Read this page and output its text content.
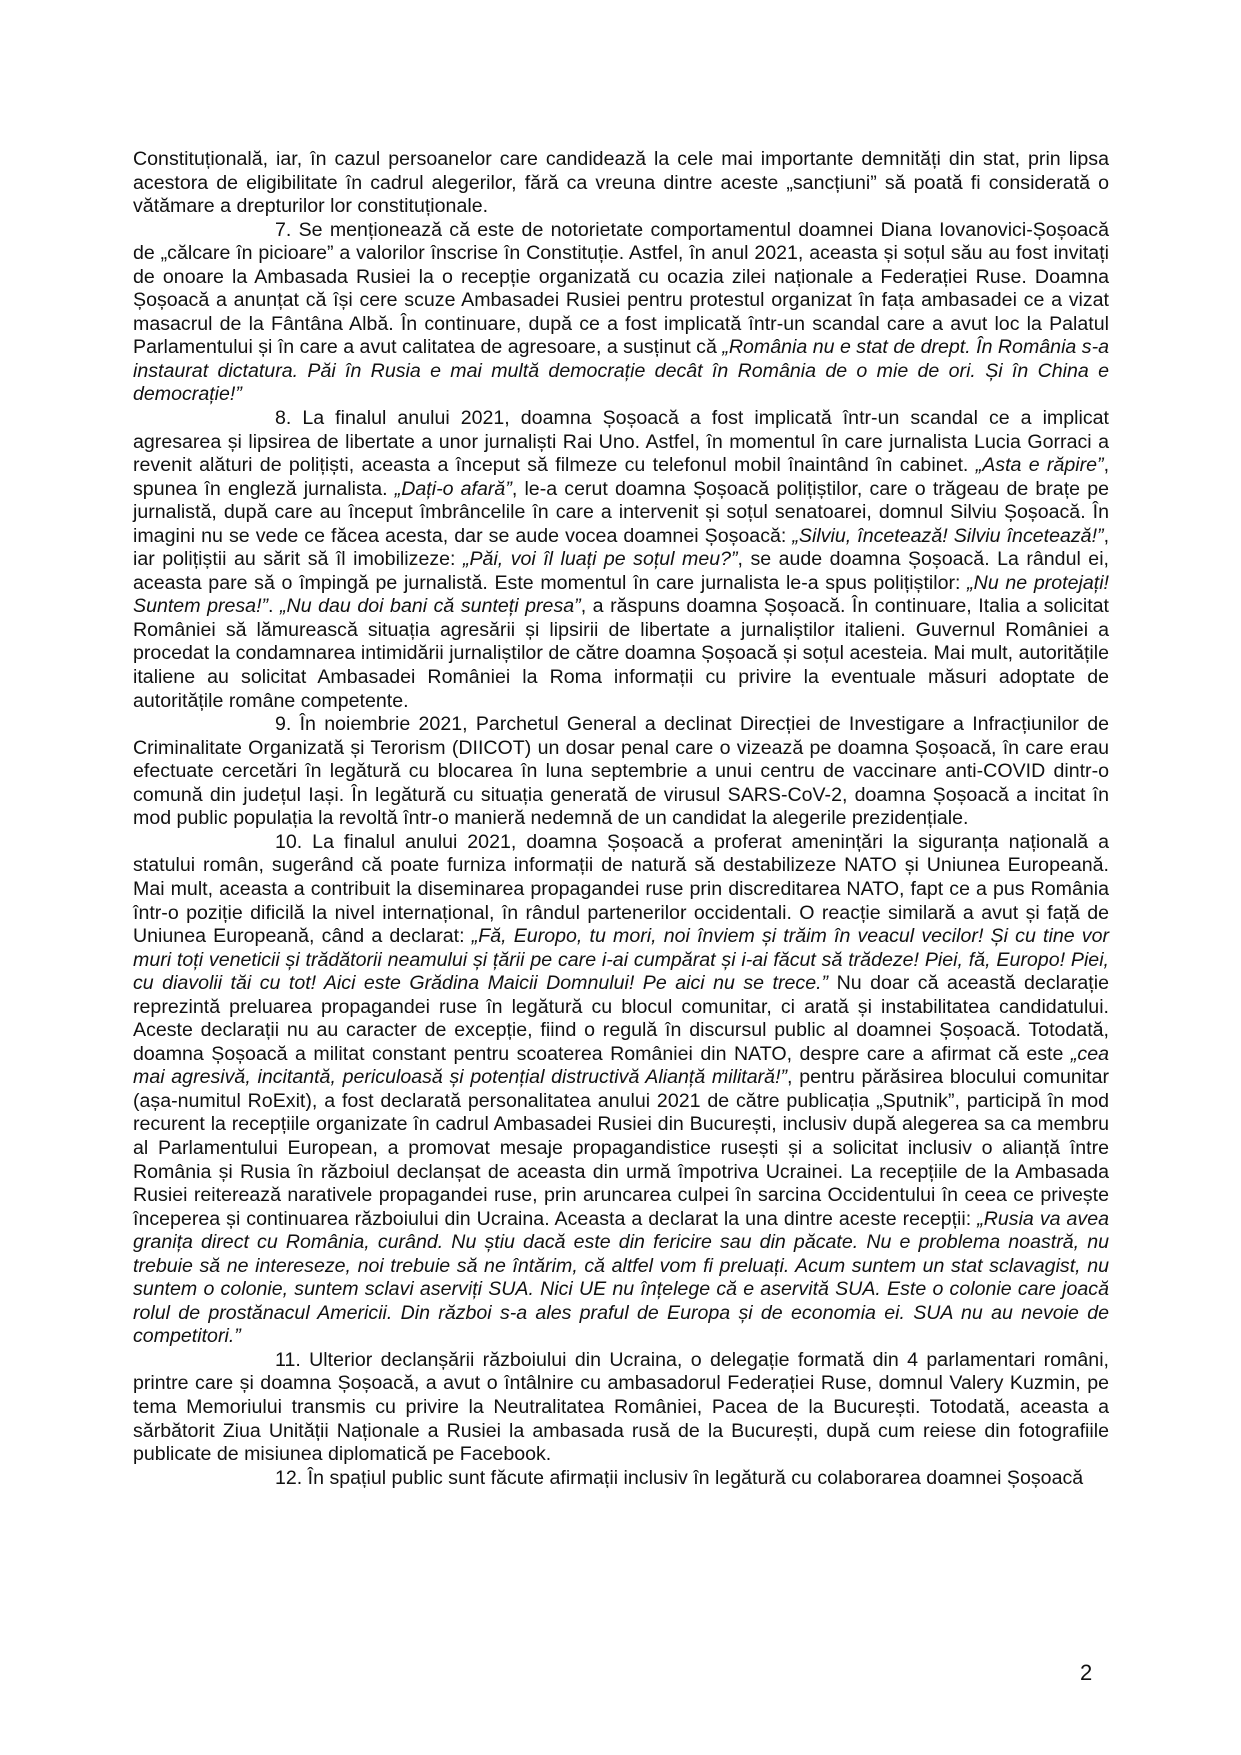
Constituțională, iar, în cazul persoanelor care candidează la cele mai importante demnități din stat, prin lipsa acestora de eligibilitate în cadrul alegerilor, fără ca vreuna dintre aceste „sancțiuni” să poată fi considerată o vătămare a drepturilor lor constituționale.

7. Se menționează că este de notorietate comportamentul doamnei Diana Iovanovici-Șoșoacă de „călcare în picioare” a valorilor înscrise în Constituție. Astfel, în anul 2021, aceasta și soțul său au fost invitați de onoare la Ambasada Rusiei la o recepție organizată cu ocazia zilei naționale a Federației Ruse. Doamna Șoșoacă a anunțat că își cere scuze Ambasadei Rusiei pentru protestul organizat în fața ambasadei ce a vizat masacrul de la Fântâna Albă. În continuare, după ce a fost implicată într-un scandal care a avut loc la Palatul Parlamentului și în care a avut calitatea de agresoare, a susținut că „România nu e stat de drept. În România s-a instaurat dictatura. Păi în Rusia e mai multă democrație decât în România de o mie de ori. Și în China e democrație!”

8. La finalul anului 2021, doamna Șoșoacă a fost implicată într-un scandal ce a implicat agresarea și lipsirea de libertate a unor jurnaliști Rai Uno. Astfel, în momentul în care jurnalista Lucia Gorraci a revenit alături de polițiști, aceasta a început să filmeze cu telefonul mobil înaintând în cabinet. „Asta e răpire”, spunea în engleză jurnalista. „Dați-o afară”, le-a cerut doamna Șoșoacă polițiștilor, care o trăgeau de brațe pe jurnalistă, după care au început îmbrâncelile în care a intervenit și soțul senatoarei, domnul Silviu Șoșoacă. În imagini nu se vede ce făcea acesta, dar se aude vocea doamnei Șoșoacă: „Silviu, încetează! Silviu încetează!”, iar polițiștii au sărit să îl imobilizeze: „Păi, voi îl luați pe soțul meu?”, se aude doamna Șoșoacă. La rândul ei, aceasta pare să o împingă pe jurnalistă. Este momentul în care jurnalista le-a spus polițiștilor: „Nu ne protejați! Suntem presa!”. „Nu dau doi bani că sunteți presa”, a răspuns doamna Șoșoacă. În continuare, Italia a solicitat României să lămurească situația agresării și lipsirii de libertate a jurnaliștilor italieni. Guvernul României a procedat la condamnarea intimidării jurnaliștilor de către doamna Șoșoacă și soțul acesteia. Mai mult, autoritățile italiene au solicitat Ambasadei României la Roma informații cu privire la eventuale măsuri adoptate de autoritățile române competente.

9. În noiembrie 2021, Parchetul General a declinat Direcției de Investigare a Infracțiunilor de Criminalitate Organizată și Terorism (DIICOT) un dosar penal care o vizează pe doamna Șoșoacă, în care erau efectuate cercetări în legătură cu blocarea în luna septembrie a unui centru de vaccinare anti-COVID dintr-o comună din județul Iași. În legătură cu situația generată de virusul SARS-CoV-2, doamna Șoșoacă a incitat în mod public populația la revoltă într-o manieră nedemnă de un candidat la alegerile prezidențiale.

10. La finalul anului 2021, doamna Șoșoacă a proferat amenințări la siguranța națională a statului român, sugerând că poate furniza informații de natură să destabilizeze NATO și Uniunea Europeană. Mai mult, aceasta a contribuit la diseminarea propagandei ruse prin discreditarea NATO, fapt ce a pus România într-o poziție dificilă la nivel internațional, în rândul partenerilor occidentali. O reacție similară a avut și față de Uniunea Europeană, când a declarat: „Fă, Europo, tu mori, noi înviem și trăim în veacul vecilor! Și cu tine vor muri toți veneticii și trădătorii neamului și țării pe care i-ai cumpărat și i-ai făcut să trădeze! Piei, fă, Europo! Piei, cu diavolii tăi cu tot! Aici este Grădina Maicii Domnului! Pe aici nu se trece.” Nu doar că această declarație reprezintă preluarea propagandei ruse în legătură cu blocul comunitar, ci arată și instabilitatea candidatului. Aceste declarații nu au caracter de excepție, fiind o regulă în discursul public al doamnei Șoșoacă. Totodată, doamna Șoșoacă a militat constant pentru scoaterea României din NATO, despre care a afirmat că este „cea mai agresivă, incitantă, periculoasă și potențial distructivă Alianță militară!”, pentru părăsirea blocului comunitar (așa-numitul RoExit), a fost declarată personalitatea anului 2021 de către publicația „Sputnik”, participă în mod recurent la recepțiile organizate în cadrul Ambasadei Rusiei din București, inclusiv după alegerea sa ca membru al Parlamentului European, a promovat mesaje propagandistice rusești și a solicitat inclusiv o alianță între România și Rusia în războiul declanșat de aceasta din urmă împotriva Ucrainei. La recepțiile de la Ambasada Rusiei reiterează narativele propagandei ruse, prin aruncarea culpei în sarcina Occidentului în ceea ce privește începerea și continuarea războiului din Ucraina. Aceasta a declarat la una dintre aceste recepții: „Rusia va avea granița direct cu România, curând. Nu știu dacă este din fericire sau din păcate. Nu e problema noastră, nu trebuie să ne intereseze, noi trebuie să ne întărim, că altfel vom fi preluați. Acum suntem un stat sclavagist, nu suntem o colonie, suntem sclavi aserviți SUA. Nici UE nu înțelege că e aservită SUA. Este o colonie care joacă rolul de prostănacul Americii. Din război s-a ales praful de Europa și de economia ei. SUA nu au nevoie de competitori.”

11. Ulterior declanșării războiului din Ucraina, o delegație formată din 4 parlamentari români, printre care și doamna Șoșoacă, a avut o întâlnire cu ambasadorul Federației Ruse, domnul Valery Kuzmin, pe tema Memoriului transmis cu privire la Neutralitatea României, Pacea de la București. Totodată, aceasta a sărbătorit Ziua Unității Naționale a Rusiei la ambasada rusă de la București, după cum reiese din fotografiile publicate de misiunea diplomatică pe Facebook.

12. În spațiul public sunt făcute afirmații inclusiv în legătură cu colaborarea doamnei Șoșoacă

2
